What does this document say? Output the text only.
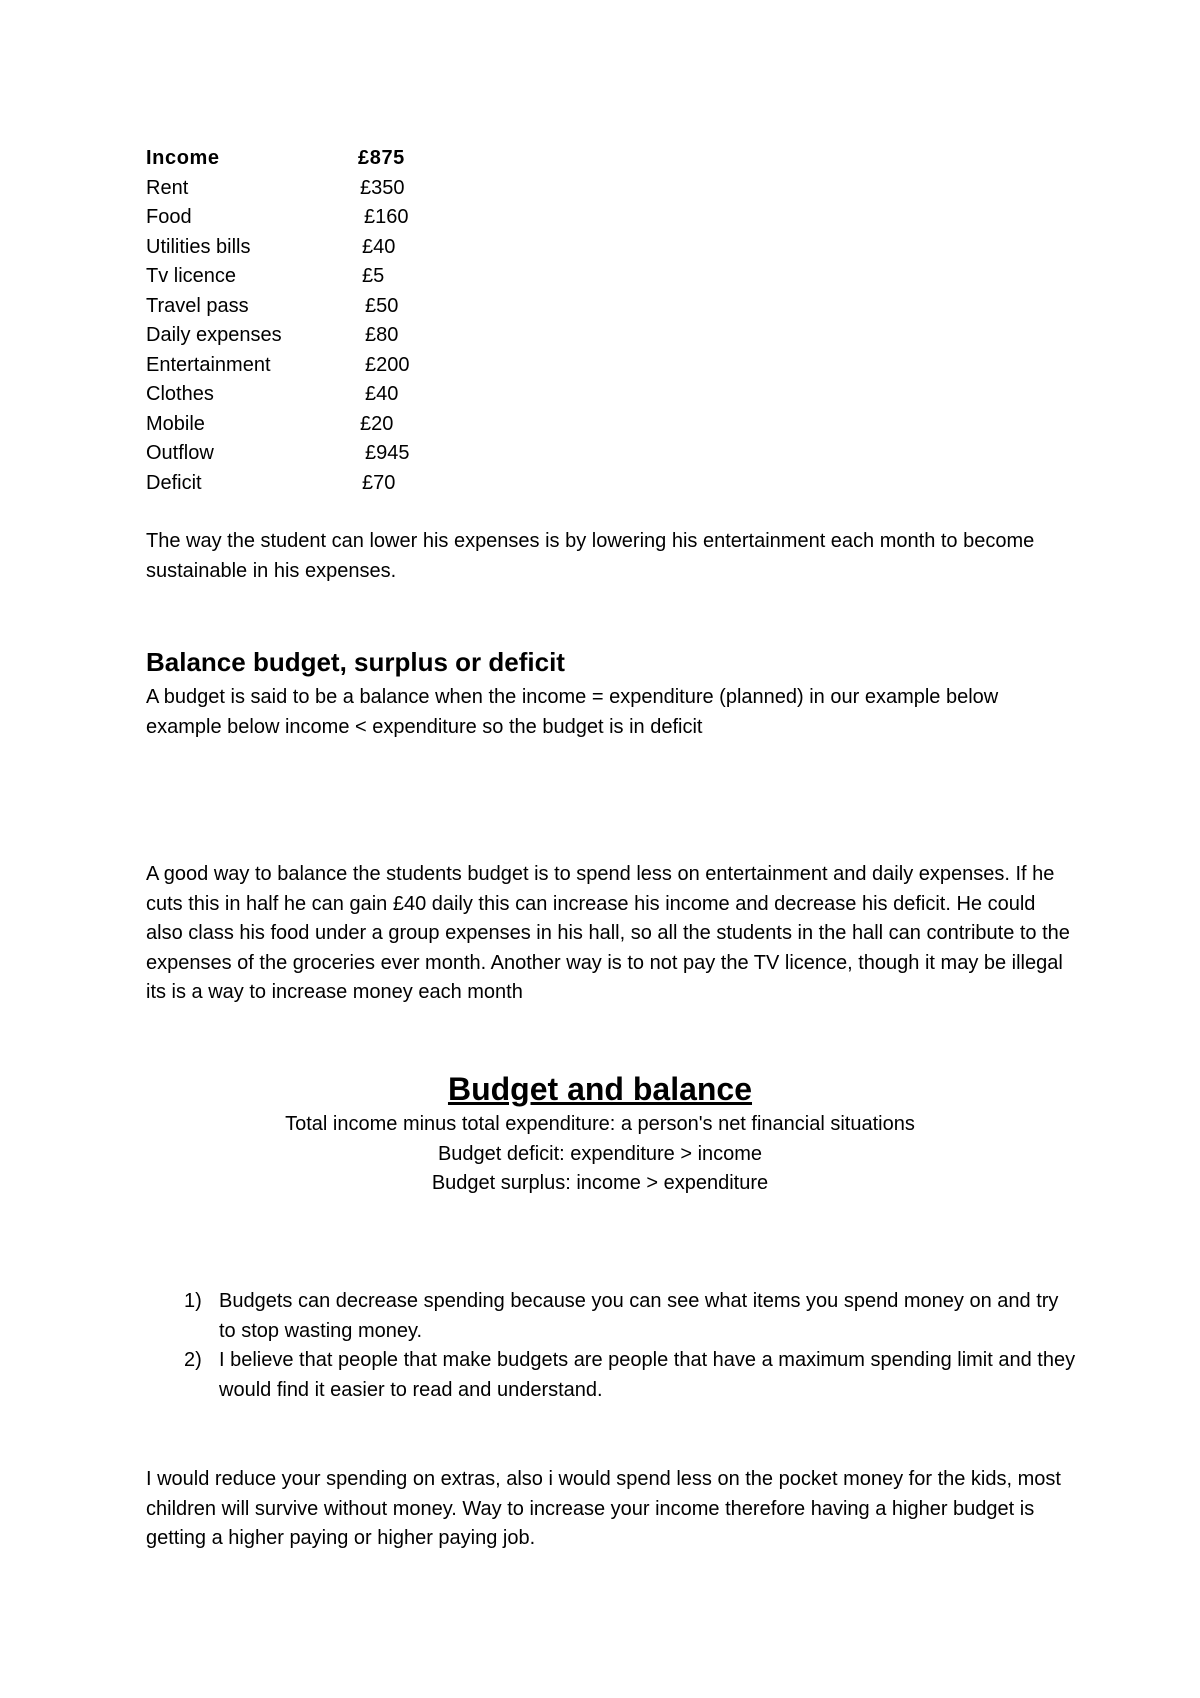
Income	£875
Rent	£350
Food	£160
Utilities bills	£40
Tv licence	£5
Travel pass	£50
Daily expenses	£80
Entertainment	£200
Clothes	£40
Mobile	£20
Outflow	£945
Deficit	£70

The way the student can lower his expenses is by lowering his entertainment each month to become sustainable in his expenses.

Balance budget, surplus or deficit

A budget is said to be a balance when the income = expenditure (planned) in our example below example below income < expenditure so the budget is in deficit

A good way to balance the students budget is to spend less on entertainment and daily expenses. If he cuts this in half he can gain £40 daily this can increase his income and decrease his deficit. He could also class his food under a group expenses in his hall, so all the students in the hall can contribute to the expenses of the groceries ever month. Another way is to not pay the TV licence, though it may be illegal its is a way to increase money each month

Budget and balance
Total income minus total expenditure: a person's net financial situations
Budget deficit: expenditure > income
Budget surplus: income > expenditure
1) Budgets can decrease spending because you can see what items you spend money on and try to stop wasting money.
2) I believe that people that make budgets are people that have a maximum spending limit and they would find it easier to read and understand.

I would reduce your spending on extras, also i would spend less on the pocket money for the kids, most children will survive without money. Way to increase your income therefore having a higher budget is getting a higher paying or higher paying job.
